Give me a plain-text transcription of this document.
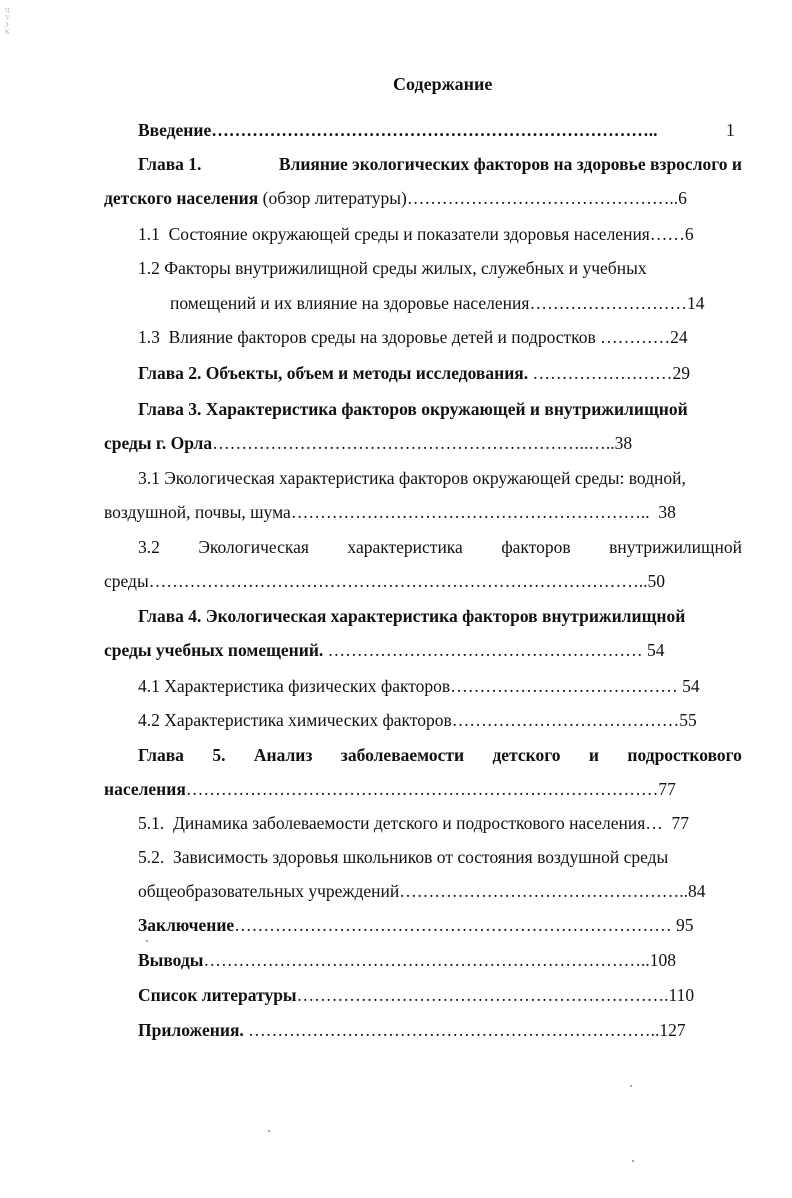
Ч
У
З
К
Содержание
Введение…………………………………………………………………..	1
Глава 1.	Влияние экологических факторов на здоровье взрослого и
детского населения (обзор литературы)………………………………………..6
1.1 Состояние окружающей среды и показатели здоровья населения……6
1.2 Факторы внутрижилищной среды жилых, служебных и учебных
помещений и их влияние на здоровье населения………………………14
1.3 Влияние факторов среды на здоровье детей и подростков …………24
Глава 2. Объекты, объем и методы исследования. ……………………29
Глава 3. Характеристика факторов окружающей и внутрижилищной
среды г. Орла………………………………………………………..…..38
3.1 Экологическая характеристика факторов окружающей среды: водной,
воздушной, почвы, шума…………………………………………………….. 38
3.2 Экологическая характеристика факторов внутрижилищной
среды…………………………………………………………………………..50
Глава 4. Экологическая характеристика факторов внутрижилищной
среды учебных помещений. ……………………………………………… 54
4.1 Характеристика физических факторов………………………………… 54
4.2 Характеристика химических факторов…………………………………55
Глава 5. Анализ заболеваемости детского и подросткового
населения………………………………………………………………………77
5.1. Динамика заболеваемости детского и подросткового населения… 77
5.2. Зависимость здоровья школьников от состояния воздушной среды
общеобразовательных учреждений…………………………………………..84
Заключение………………………………………………………………… 95
Выводы…………………………………………………………………..108
Список литературы……………………………………………………….110
Приложения. ……………………………………………………………..127
